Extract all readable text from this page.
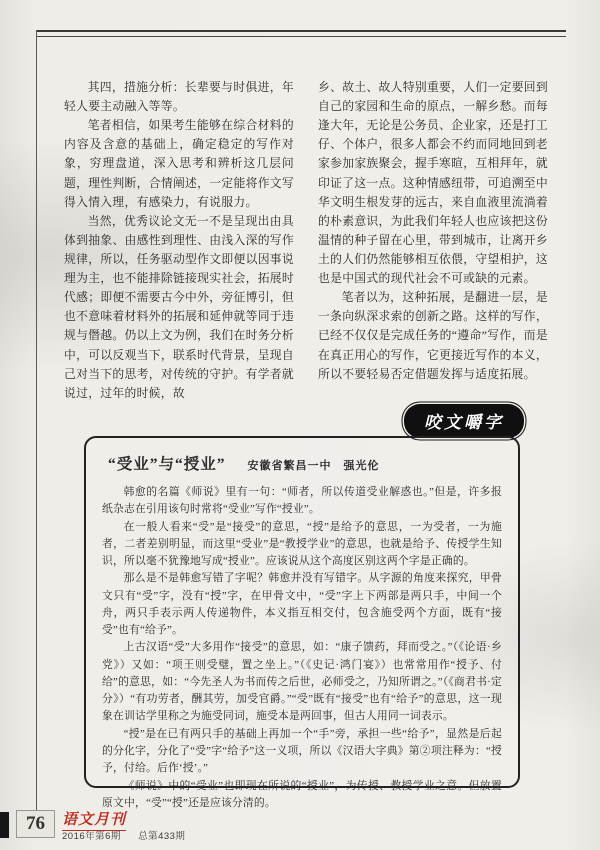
其四，措施分析：长辈要与时俱进，年轻人要主动融入等等。

笔者相信，如果考生能够在综合材料的内容及含意的基础上，确定稳定的写作对象，穷理盘道，深入思考和辨析这几层问题，理性判断，合情阐述，一定能将作文写得入情入理，有感染力，有说服力。

当然，优秀议论文无一不是呈现出由具体到抽象、由感性到理性、由浅入深的写作规律，所以，任务驱动型作文即便以因事说理为主，也不能排除链接现实社会，拓展时代感；即便不需要古今中外，旁征博引，但也不意味着材料外的拓展和延伸就等同于违规与僭越。仍以上文为例，我们在时务分析中，可以反观当下，联系时代背景，呈现自己对当下的思考，对传统的守护。有学者就说过，过年的时候，故

乡、故土、故人特别重要，人们一定要回到自己的家园和生命的原点，一解乡愁。而每逢大年，无论是公务员、企业家，还是打工仔、个体户，很多人都会不约而同地回到老家参加家族聚会，握手寒暄，互相拜年，就印证了这一点。这种情感纽带，可追溯至中华文明生根发芽的远古，来自血液里流淌着的朴素意识，为此我们年轻人也应该把这份温情的种子留在心里，带到城市，让离开乡土的人们仍然能够相互依偎，守望相护，这也是中国式的现代社会不可或缺的元素。

笔者以为，这种拓展，是翻进一层，是一条向纵深求索的创新之路。这样的写作，已经不仅仅是完成任务的“遵命”写作，而是在真正用心的写作，它更接近写作的本义，所以不要轻易否定借题发挥与适度拓展。

咬文嚼字
“受业”与“授业” 安徽省繁昌一中　强光伦

韩愈的名篇《师说》里有一句：“师者，所以传道受业解惑也。”但是，许多报纸杂志在引用该句时常将“受业”写作“授业”。

在一般人看来“受”是“接受”的意思，“授”是给予的意思，一为受者，一为施者，二者差别明显，而这里“受业”是“教授学业”的意思，也就是给予、传授学生知识，所以毫不犹豫地写成“授业”。应该说从这个高度区别这两个字是正确的。

那么是不是韩愈写错了字呢？韩愈并没有写错字。从字源的角度来探究，甲骨文只有“受”字，没有“授”字，在甲骨文中，“受”字上下两部是两只手，中间一个舟，两只手表示两人传递物件，本义指互相交付，包含施受两个方面，既有“接受”也有“给予”。

上古汉语“受”大多用作“接受”的意思，如：“康子馈药，拜而受之。”（《论语·乡党》）又如：“项王则受璧，置之坐上。”（《史记·鸿门宴》）也常常用作“授予、付给”的意思，如：“今先圣人为书而传之后世，必师受之，乃知所谓之。”（《商君书·定分》）“有功劳者，酬其劳，加受官爵。”“受”既有“接受”也有“给予”的意思，这一现象在训诂学里称之为施受同词，施受本是两回事，但古人用同一词表示。

“授”是在已有两只手的基础上再加一个“手”旁，承担一些“给予”，显然是后起的分化字，分化了“受”字“给予”这一义项，所以《汉语大字典》第②项注释为：“授予，付给。后作‘授’。”

《师说》中的“受业”也即现在所说的“授业”，为传授、教授学业之意。但放置原文中，“受”“授”还是应该分清的。

76	语文月刊
2016年第6期 总第433期
